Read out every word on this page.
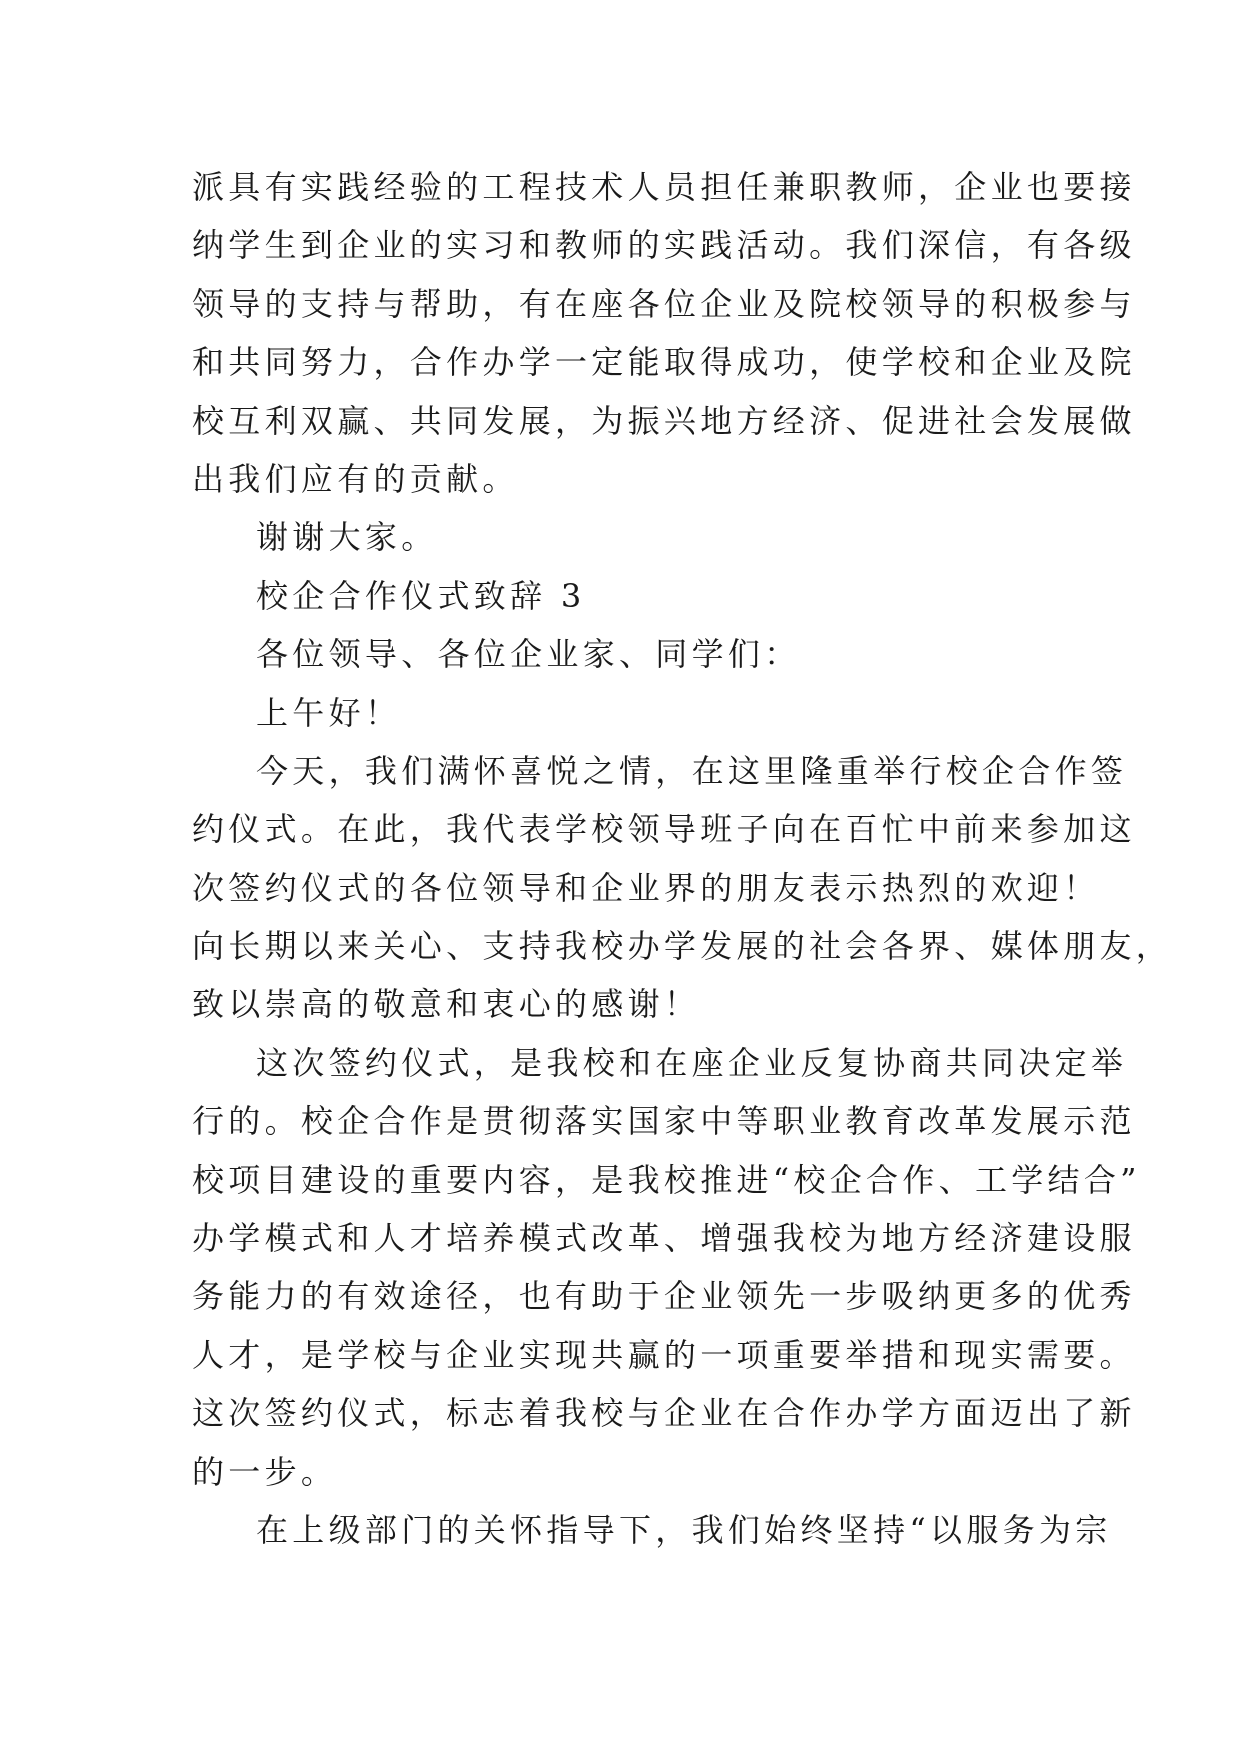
派具有实践经验的工程技术人员担任兼职教师，企业也要接
纳学生到企业的实习和教师的实践活动。我们深信，有各级
领导的支持与帮助，有在座各位企业及院校领导的积极参与
和共同努力，合作办学一定能取得成功，使学校和企业及院
校互利双赢、共同发展，为振兴地方经济、促进社会发展做
出我们应有的贡献。
谢谢大家。
校企合作仪式致辞 3
各位领导、各位企业家、同学们：
上午好！
今天，我们满怀喜悦之情，在这里隆重举行校企合作签
约仪式。在此，我代表学校领导班子向在百忙中前来参加这
次签约仪式的各位领导和企业界的朋友表示热烈的欢迎！
向长期以来关心、支持我校办学发展的社会各界、媒体朋友，
致以崇高的敬意和衷心的感谢！
这次签约仪式，是我校和在座企业反复协商共同决定举
行的。校企合作是贯彻落实国家中等职业教育改革发展示范
校项目建设的重要内容，是我校推进“校企合作、工学结合”
办学模式和人才培养模式改革、增强我校为地方经济建设服
务能力的有效途径，也有助于企业领先一步吸纳更多的优秀
人才，是学校与企业实现共赢的一项重要举措和现实需要。
这次签约仪式，标志着我校与企业在合作办学方面迈出了新
的一步。
在上级部门的关怀指导下，我们始终坚持“以服务为宗
